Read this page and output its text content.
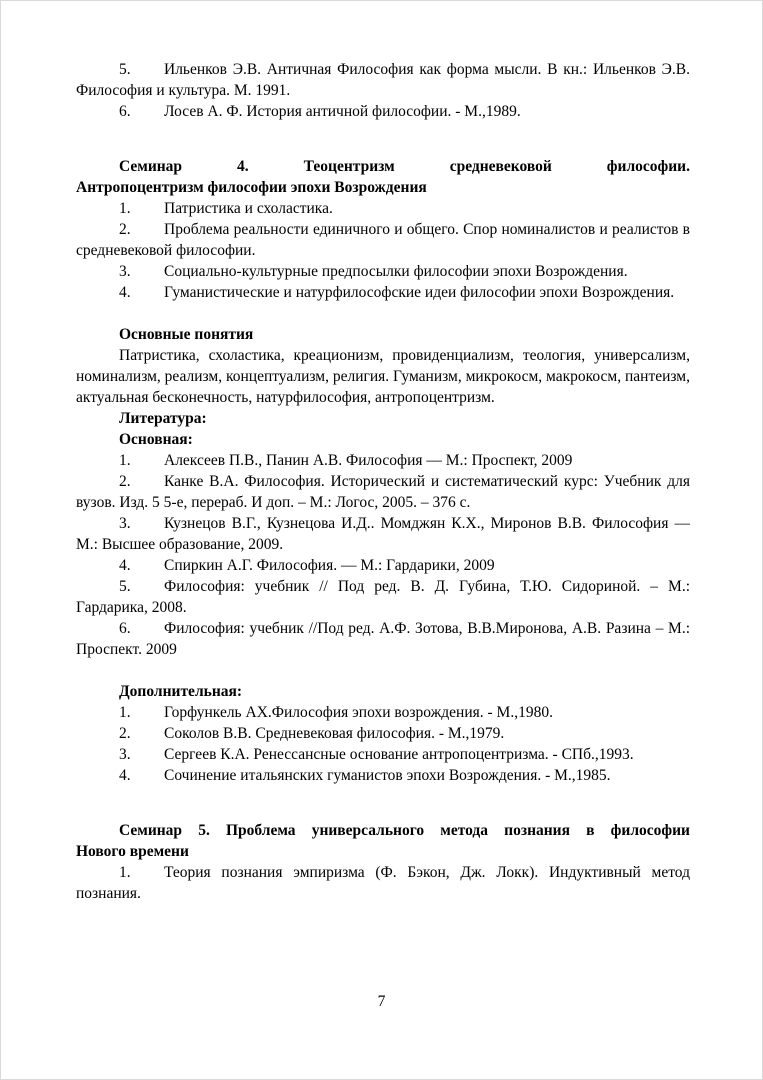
5. Ильенков Э.В. Античная Философия как форма мысли. В кн.: Ильенков Э.В. Философия и культура. М. 1991.

6. Лосев А. Ф. История античной философии. - М.,1989.

Семинар 4. Теоцентризм средневековой философии.

Антропоцентризм философии эпохи Возрождения

1. Патристика и схоластика.

2. Проблема реальности единичного и общего. Спор номиналистов и реалистов в средневековой философии.

3. Социально-культурные предпосылки философии эпохи Возрождения.

4. Гуманистические и натурфилософские идеи философии эпохи Возрождения.

Основные понятия

Патристика, схоластика, креационизм, провиденциализм, теология, универсализм, номинализм, реализм, концептуализм, религия. Гуманизм, микрокосм, макрокосм, пантеизм, актуальная бесконечность, натурфилософия, антропоцентризм.

Литература:

Основная:

1. Алексеев П.В., Панин А.В. Философия — М.: Проспект, 2009

2. Канке В.А. Философия. Исторический и систематический курс: Учебник для вузов. Изд. 5 5-е, перераб. И доп. – М.: Логос, 2005. – 376 с.

3. Кузнецов В.Г., Кузнецова И.Д.. Момджян К.Х., Миронов В.В. Философия — М.: Высшее образование, 2009.

4. Спиркин А.Г. Философия. — М.: Гардарики, 2009

5. Философия: учебник // Под ред. В. Д. Губина, Т.Ю. Сидориной. – М.: Гардарика, 2008.

6. Философия: учебник //Под ред. А.Ф. Зотова, В.В.Миронова, А.В. Разина – М.: Проспект. 2009

Дополнительная:

1. Горфункель АХ.Философия эпохи возрождения. - М.,1980.

2. Соколов В.В. Средневековая философия. - М.,1979.

3. Сергеев К.А. Ренессансные основание антропоцентризма. - СПб.,1993.

4. Сочинение итальянских гуманистов эпохи Возрождения. - М.,1985.

Семинар 5. Проблема универсального метода познания в философии

Нового времени

1. Теория познания эмпиризма (Ф. Бэкон, Дж. Локк). Индуктивный метод познания.

7
